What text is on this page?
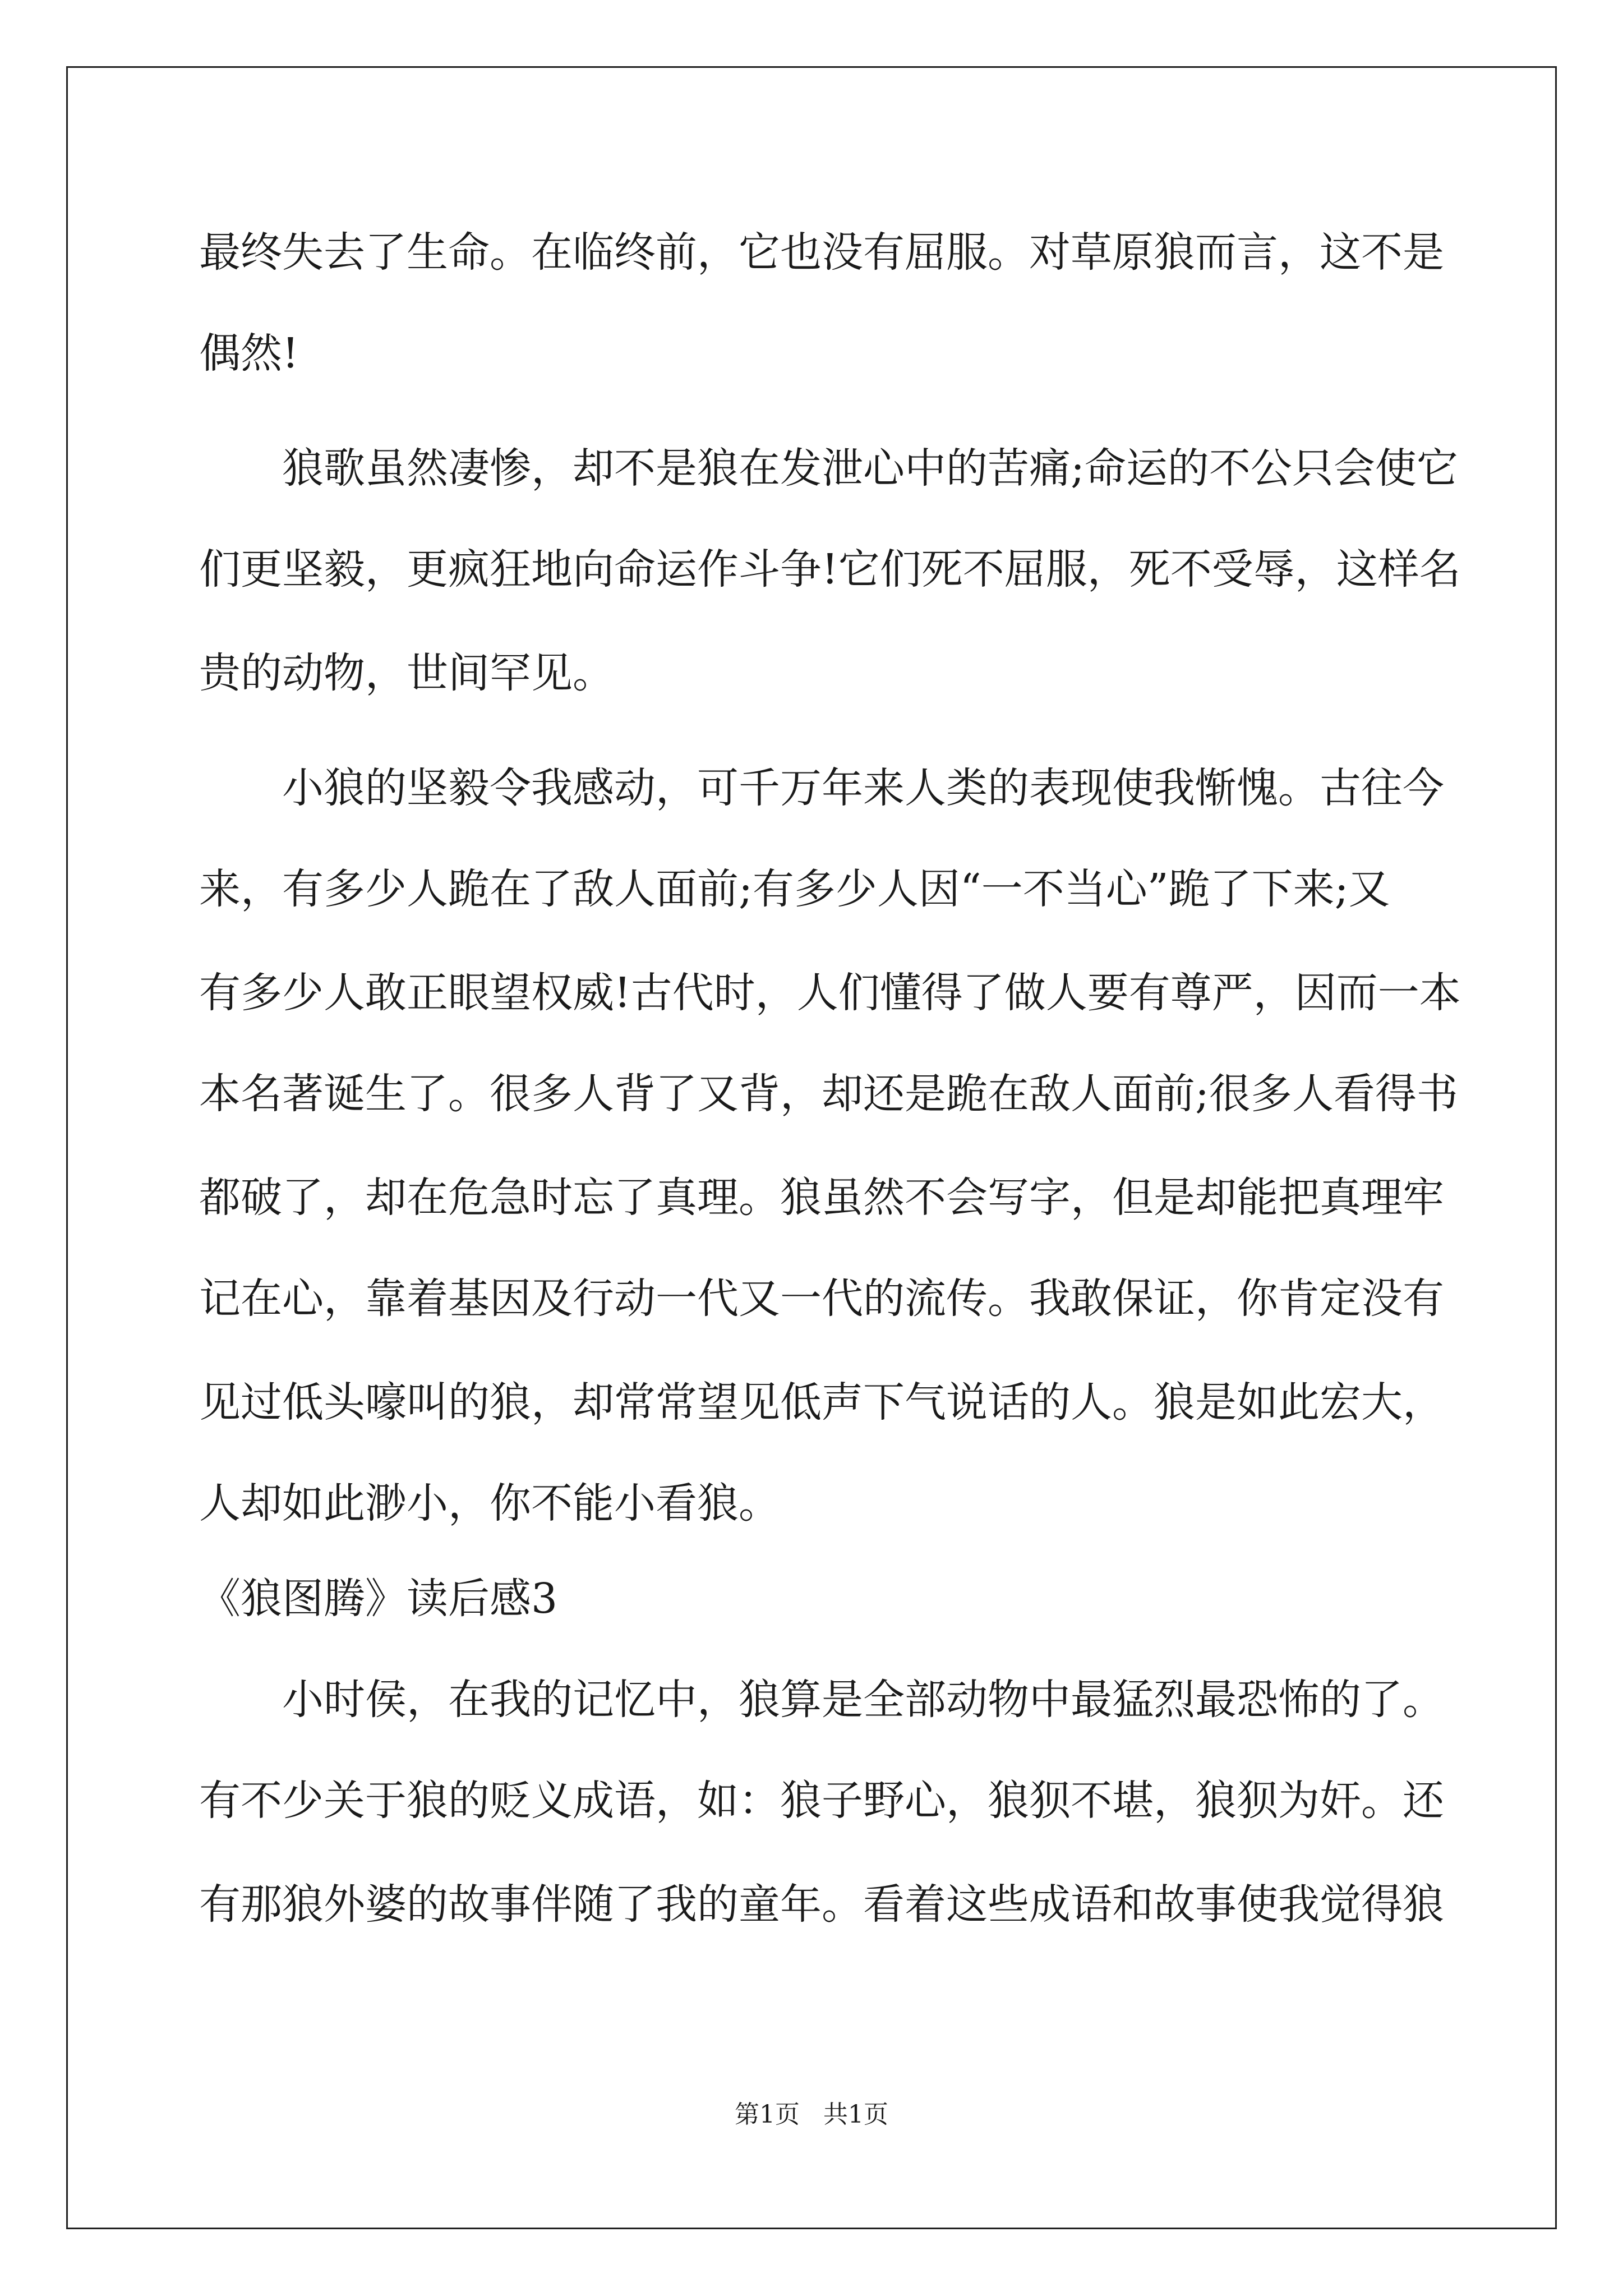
最终失去了生命。在临终前，它也没有屈服。对草原狼而言，这不是
偶然!
　　狼歌虽然凄惨，却不是狼在发泄心中的苦痛;命运的不公只会使它
们更坚毅，更疯狂地向命运作斗争!它们死不屈服，死不受辱，这样名
贵的动物，世间罕见。
　　小狼的坚毅令我感动，可千万年来人类的表现使我惭愧。古往今
来，有多少人跪在了敌人面前;有多少人因“一不当心”跪了下来;又
有多少人敢正眼望权威!古代时，人们懂得了做人要有尊严，因而一本
本名著诞生了。很多人背了又背，却还是跪在敌人面前;很多人看得书
都破了，却在危急时忘了真理。狼虽然不会写字，但是却能把真理牢
记在心，靠着基因及行动一代又一代的流传。我敢保证，你肯定没有
见过低头嚎叫的狼，却常常望见低声下气说话的人。狼是如此宏大，
人却如此渺小，你不能小看狼。
《狼图腾》读后感3
　　小时侯，在我的记忆中，狼算是全部动物中最猛烈最恐怖的了。
有不少关于狼的贬义成语，如：狼子野心，狼狈不堪，狼狈为奸。还
有那狼外婆的故事伴随了我的童年。看着这些成语和故事使我觉得狼
第1页   共1页
